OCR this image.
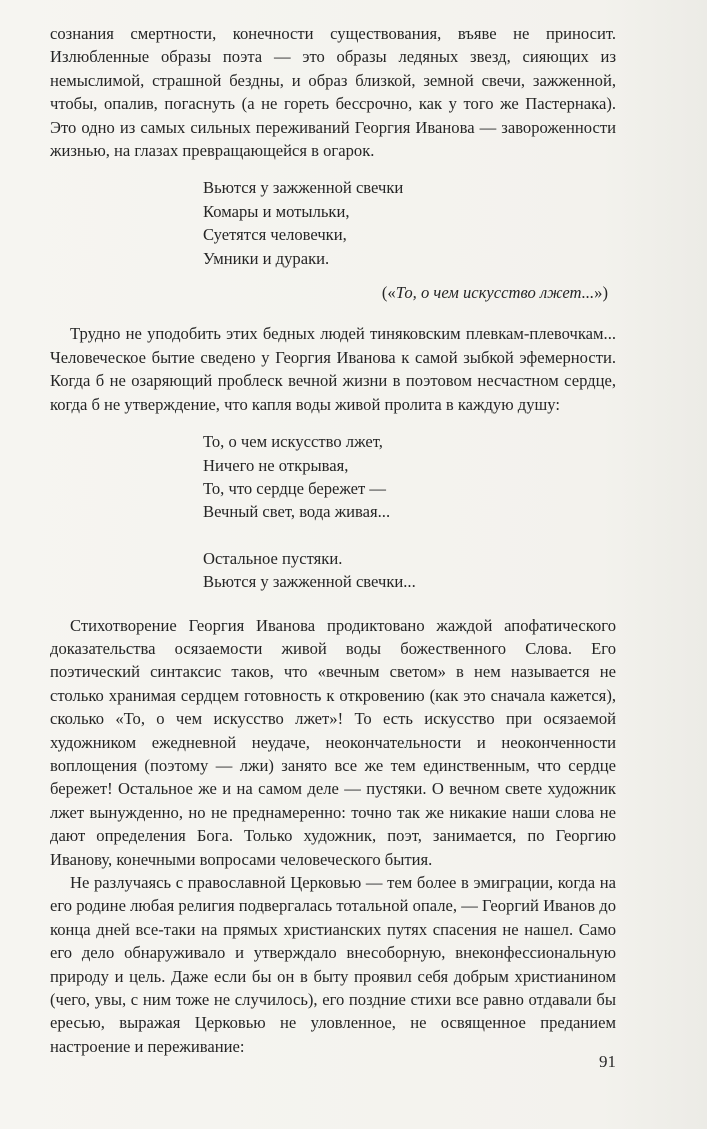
сознания смертности, конечности существования, въяве не приносит. Излюбленные образы поэта — это образы ледяных звезд, сияющих из немыслимой, страшной бездны, и образ близкой, земной свечи, зажженной, чтобы, опалив, погаснуть (а не гореть бессрочно, как у того же Пастернака). Это одно из самых сильных переживаний Георгия Иванова — завороженности жизнью, на глазах превращающейся в огарок.

Вьются у зажженной свечки
Комары и мотыльки,
Суетятся человечки,
Умники и дураки.
(«То, о чем искусство лжет...»)

Трудно не уподобить этих бедных людей тиняковским плевкам-плевочкам... Человеческое бытие сведено у Георгия Иванова к самой зыбкой эфемерности. Когда б не озаряющий проблеск вечной жизни в поэтовом несчастном сердце, когда б не утверждение, что капля воды живой пролита в каждую душу:

То, о чем искусство лжет,
Ничего не открывая,
То, что сердце бережет —
Вечный свет, вода живая...
Остальное пустяки.
Вьются у зажженной свечки...

Стихотворение Георгия Иванова продиктовано жаждой апофатического доказательства осязаемости живой воды божественного Слова. Его поэтический синтаксис таков, что «вечным светом» в нем называется не столько хранимая сердцем готовность к откровению (как это сначала кажется), сколько «То, о чем искусство лжет»! То есть искусство при осязаемой художником ежедневной неудаче, неокончательности и неоконченности воплощения (поэтому — лжи) занято все же тем единственным, что сердце бережет! Остальное же и на самом деле — пустяки. О вечном свете художник лжет вынужденно, но не преднамеренно: точно так же никакие наши слова не дают определения Бога. Только художник, поэт, занимается, по Георгию Иванову, конечными вопросами человеческого бытия.

Не разлучаясь с православной Церковью — тем более в эмиграции, когда на его родине любая религия подвергалась тотальной опале, — Георгий Иванов до конца дней все-таки на прямых христианских путях спасения не нашел. Само его дело обнаруживало и утверждало внесоборную, внеконфессиональную природу и цель. Даже если бы он в быту проявил себя добрым христианином (чего, увы, с ним тоже не случилось), его поздние стихи все равно отдавали бы ересью, выражая Церковью не уловленное, не освященное преданием настроение и переживание:

91
